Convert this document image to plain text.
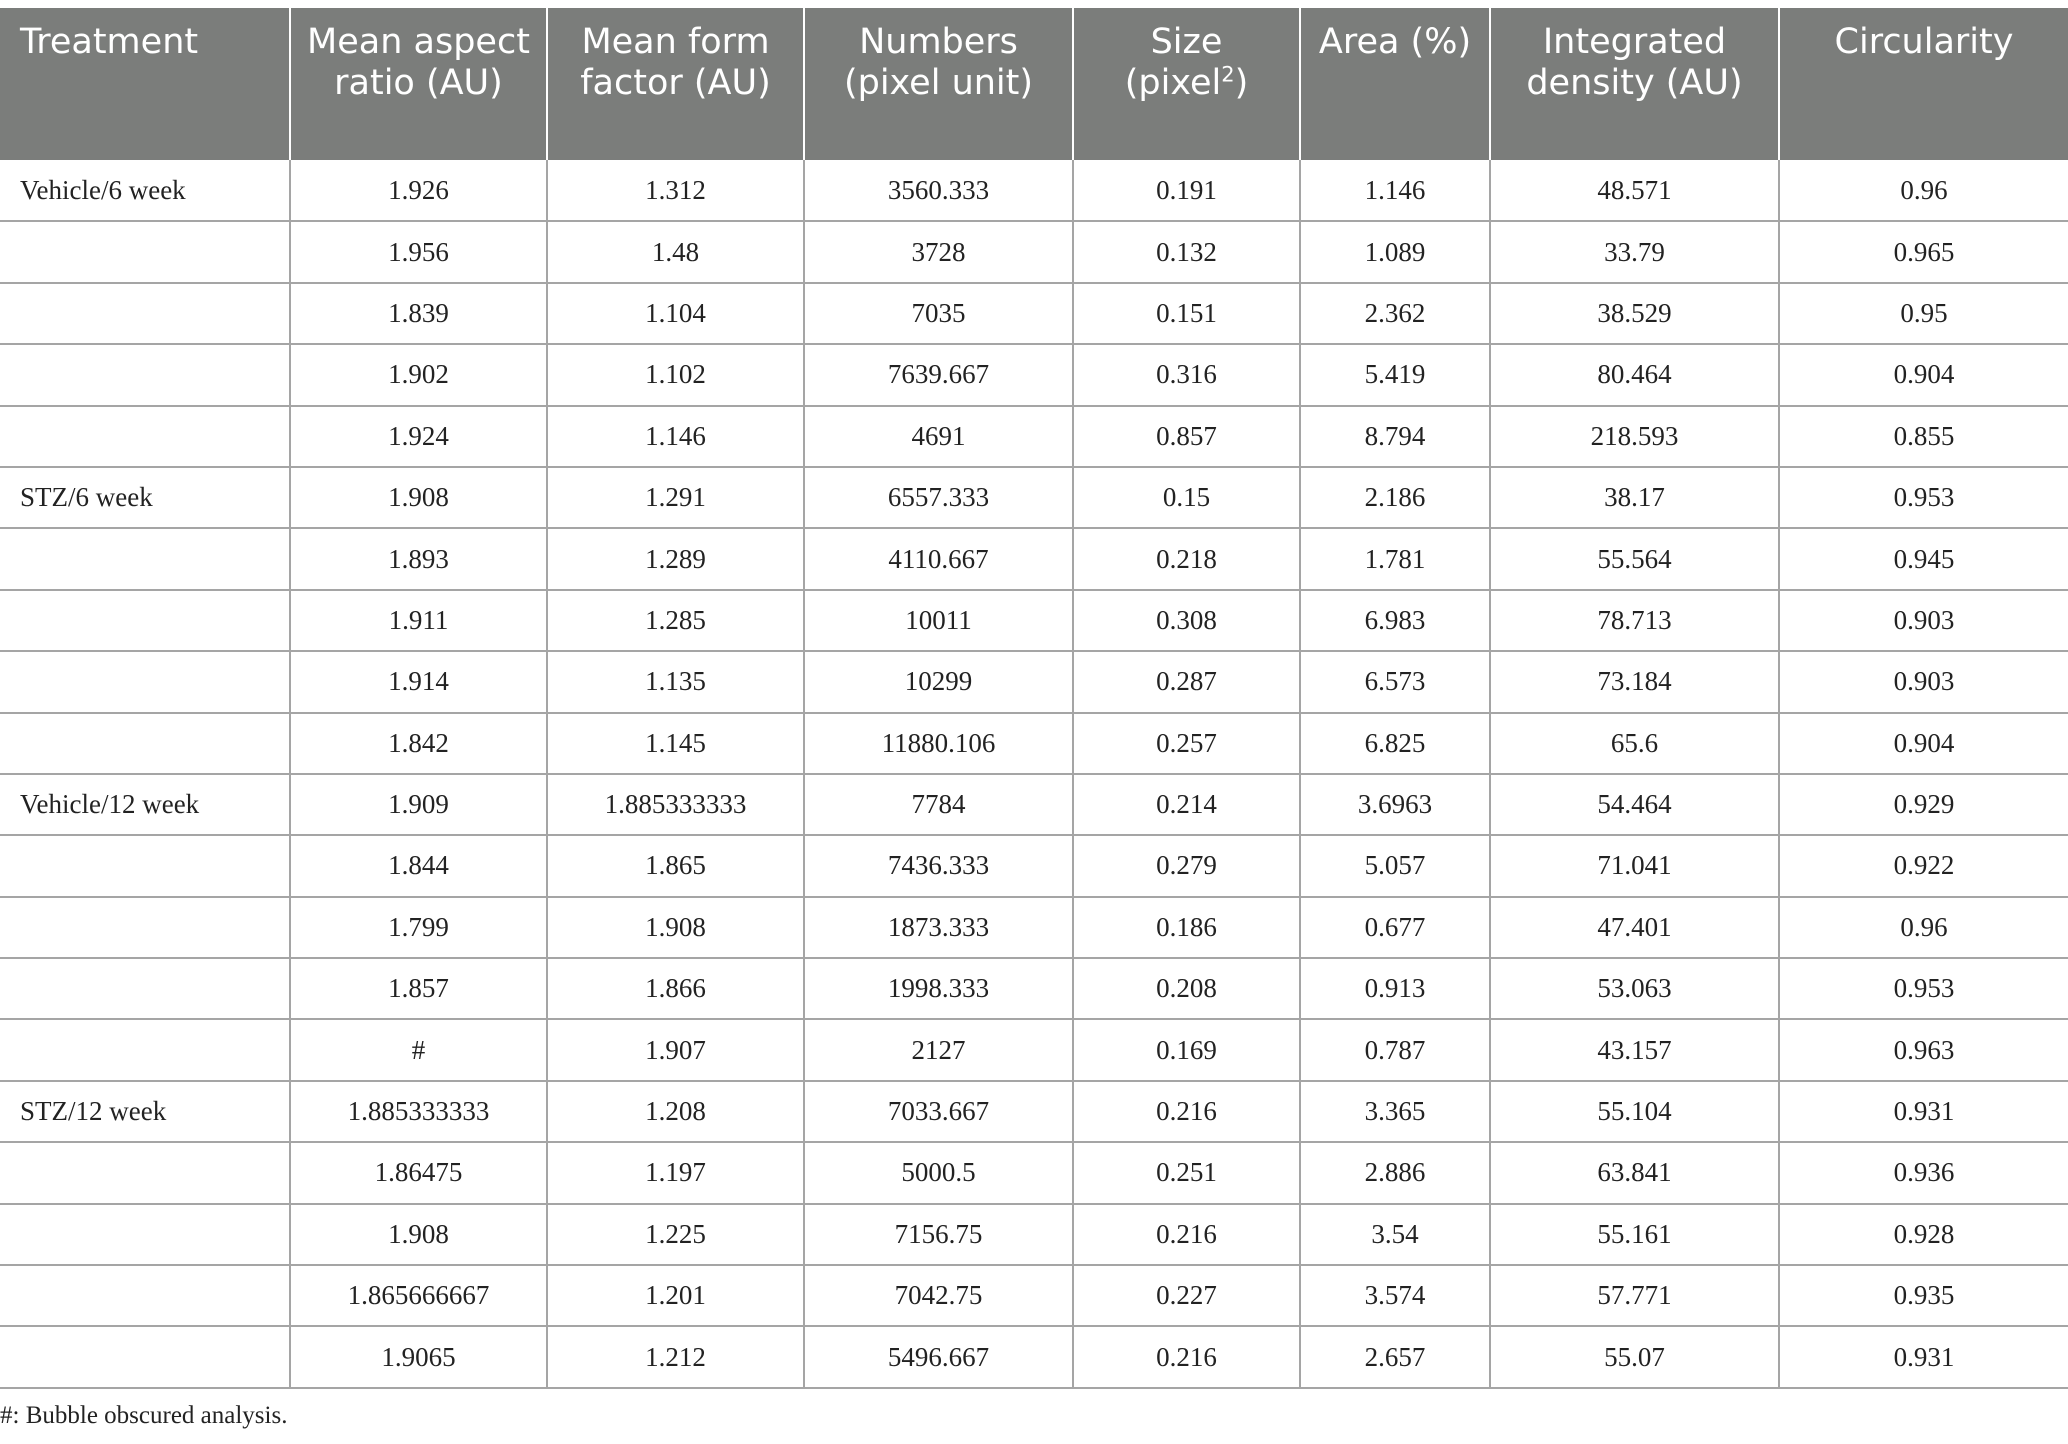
Treatment	Mean aspect ratio (AU)	Mean form factor (AU)	Numbers (pixel unit)	Size (pixel$^2$)	Area (%)	Integrated density (AU)	Circularity
Vehicle/6 week	1.926	1.312	3560.333	0.191	1.146	48.571	0.96
	1.956	1.48	3728	0.132	1.089	33.79	0.965
	1.839	1.104	7035	0.151	2.362	38.529	0.95
	1.902	1.102	7639.667	0.316	5.419	80.464	0.904
	1.924	1.146	4691	0.857	8.794	218.593	0.855
STZ/6 week	1.908	1.291	6557.333	0.15	2.186	38.17	0.953
	1.893	1.289	4110.667	0.218	1.781	55.564	0.945
	1.911	1.285	10011	0.308	6.983	78.713	0.903
	1.914	1.135	10299	0.287	6.573	73.184	0.903
	1.842	1.145	11880.106	0.257	6.825	65.6	0.904
Vehicle/12 week	1.909	1.885333333	7784	0.214	3.6963	54.464	0.929
	1.844	1.865	7436.333	0.279	5.057	71.041	0.922
	1.799	1.908	1873.333	0.186	0.677	47.401	0.96
	1.857	1.866	1998.333	0.208	0.913	53.063	0.953
	#	1.907	2127	0.169	0.787	43.157	0.963
STZ/12 week	1.885333333	1.208	7033.667	0.216	3.365	55.104	0.931
	1.86475	1.197	5000.5	0.251	2.886	63.841	0.936
	1.908	1.225	7156.75	0.216	3.54	55.161	0.928
	1.865666667	1.201	7042.75	0.227	3.574	57.771	0.935
	1.9065	1.212	5496.667	0.216	2.657	55.07	0.931
#: Bubble obscured analysis.
